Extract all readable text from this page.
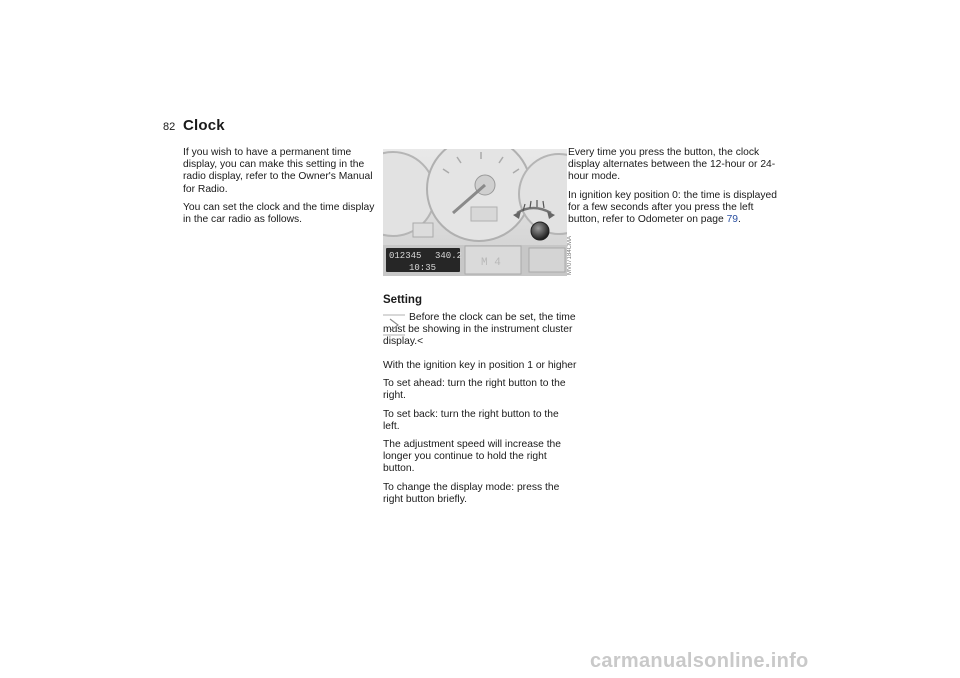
82 Clock

If you wish to have a permanent time display, you can make this setting in the radio display, refer to the Owner's Manual for Radio.

You can set the clock and the time display in the car radio as follows.

012345 340.2
10:35	M 4	MV07184CMA
Setting

Before the clock can be set, the time must be showing in the instrument cluster display.<

With the ignition key in position 1 or higher

To set ahead: turn the right button to the right.

To set back: turn the right button to the left.

The adjustment speed will increase the longer you continue to hold the right button.

To change the display mode: press the right button briefly.

Every time you press the button, the clock display alternates between the 12-hour or 24-hour mode.

In ignition key position 0: the time is displayed for a few seconds after you press the left button, refer to Odometer on page 79.

carmanualsonline.info
